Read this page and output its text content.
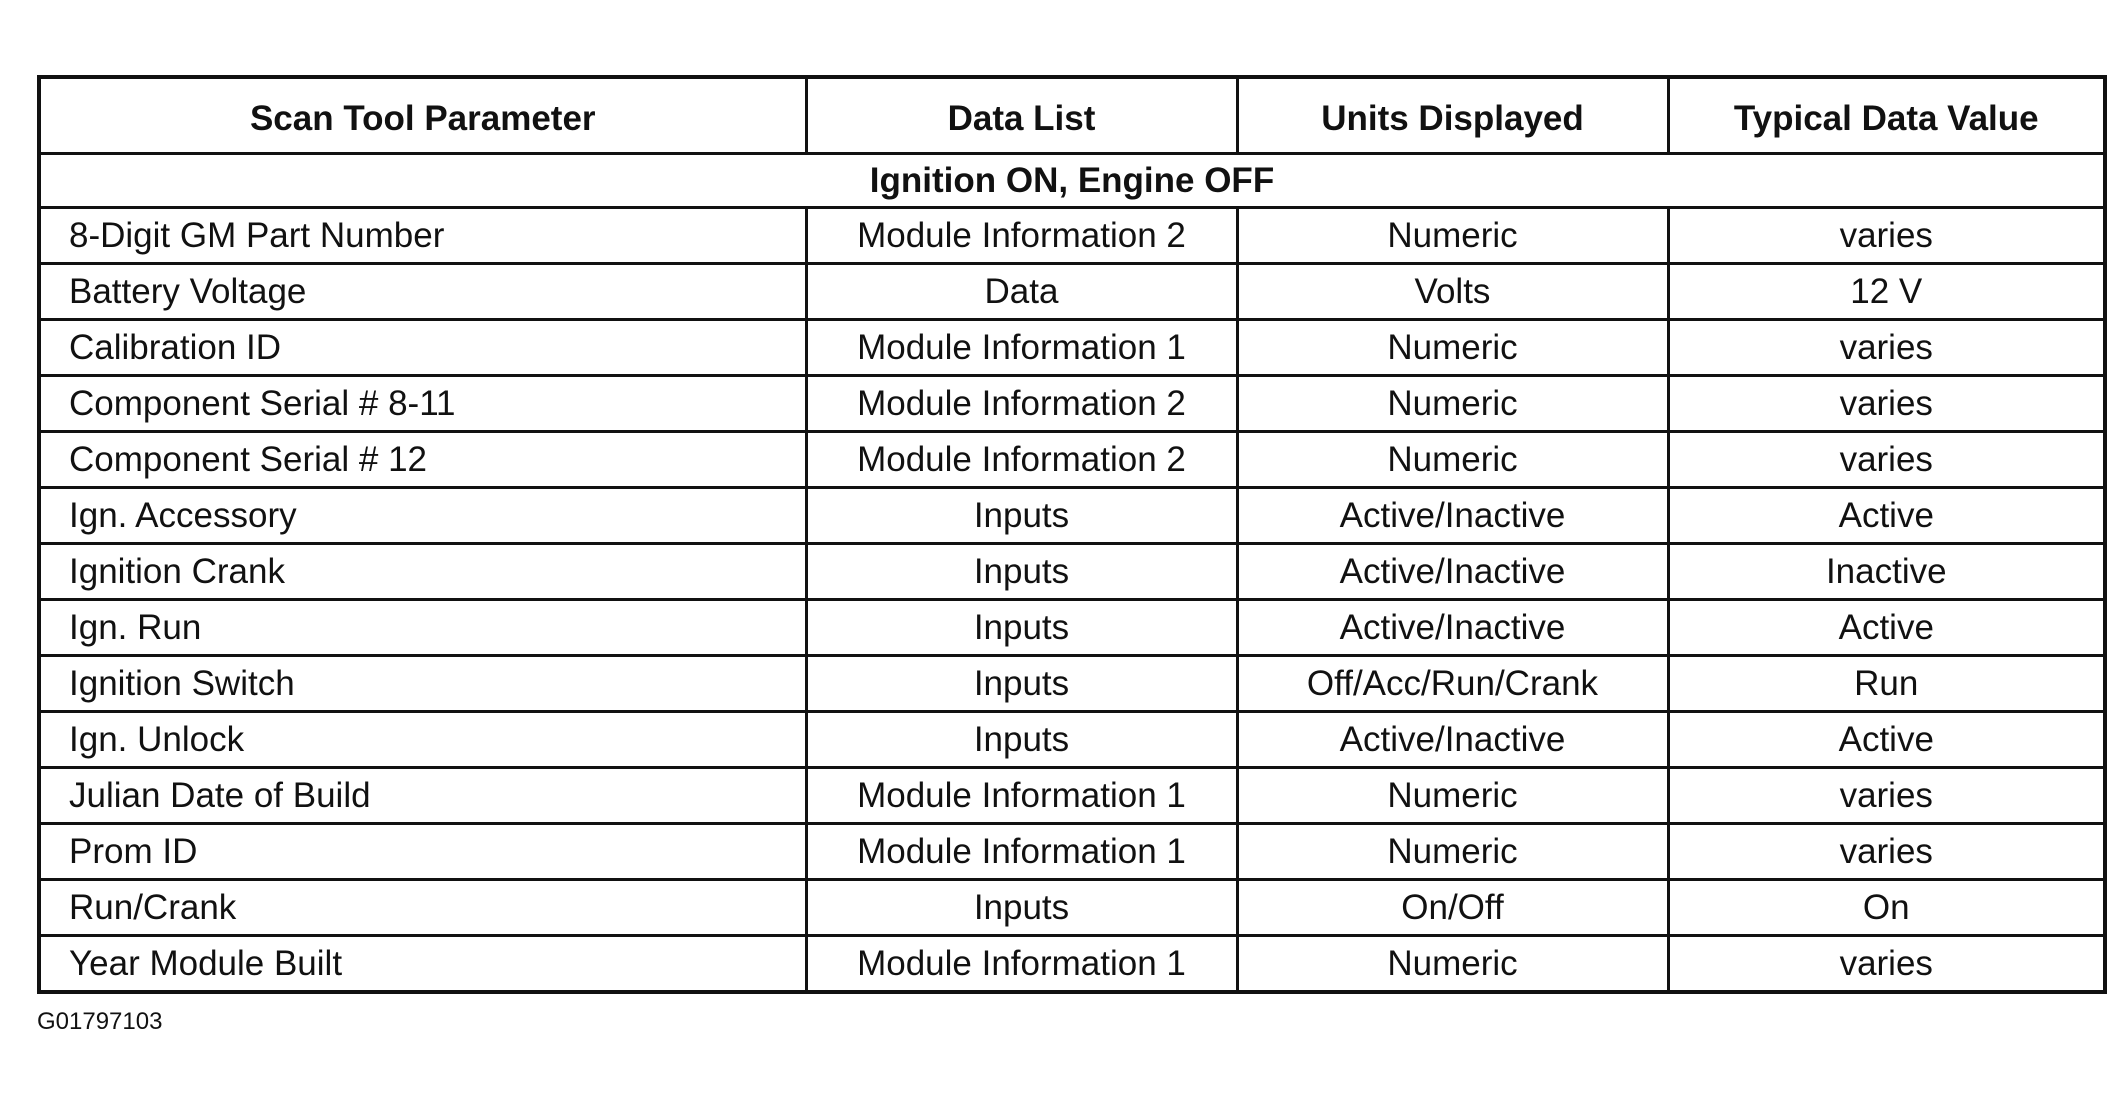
Scan Tool Parameter	Data List	Units Displayed	Typical Data Value
Ignition ON, Engine OFF			
8-Digit GM Part Number	Module Information 2	Numeric	varies
Battery Voltage	Data	Volts	12 V
Calibration ID	Module Information 1	Numeric	varies
Component Serial # 8-11	Module Information 2	Numeric	varies
Component Serial # 12	Module Information 2	Numeric	varies
Ign. Accessory	Inputs	Active/Inactive	Active
Ignition Crank	Inputs	Active/Inactive	Inactive
Ign. Run	Inputs	Active/Inactive	Active
Ignition Switch	Inputs	Off/Acc/Run/Crank	Run
Ign. Unlock	Inputs	Active/Inactive	Active
Julian Date of Build	Module Information 1	Numeric	varies
Prom ID	Module Information 1	Numeric	varies
Run/Crank	Inputs	On/Off	On
Year Module Built	Module Information 1	Numeric	varies
G01797103
